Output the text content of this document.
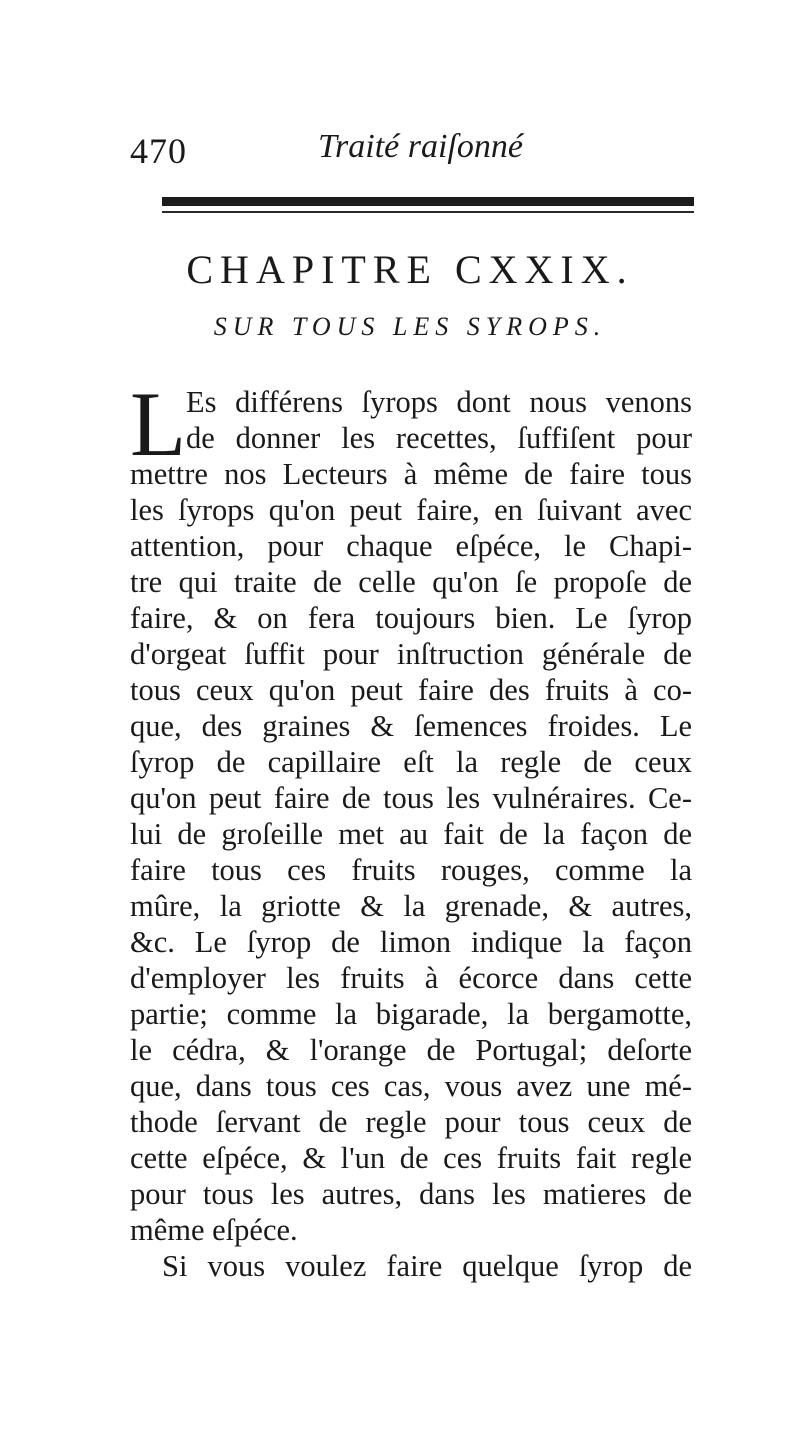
470	Traité raiſonné
CHAPITRE CXXIX.
SUR TOUS LES SYROPS.
L Es différens ſyrops dont nous venons
de donner les recettes, ſuffiſent pour
mettre nos Lecteurs à même de faire tous
les ſyrops qu'on peut faire, en ſuivant avec
attention, pour chaque eſpéce, le Chapi-
tre qui traite de celle qu'on ſe propoſe de
faire, & on fera toujours bien. Le ſyrop
d'orgeat ſuffit pour inſtruction générale de
tous ceux qu'on peut faire des fruits à co-
que, des graines & ſemences froides. Le
ſyrop de capillaire eſt la regle de ceux
qu'on peut faire de tous les vulnéraires. Ce-
lui de groſeille met au fait de la façon de
faire tous ces fruits rouges, comme la
mûre, la griotte & la grenade, & autres,
&c. Le ſyrop de limon indique la façon
d'employer les fruits à écorce dans cette
partie; comme la bigarade, la bergamotte,
le cédra, & l'orange de Portugal; deſorte
que, dans tous ces cas, vous avez une mé-
thode ſervant de regle pour tous ceux de
cette eſpéce, & l'un de ces fruits fait regle
pour tous les autres, dans les matieres de
même eſpéce.
Si vous voulez faire quelque ſyrop de
